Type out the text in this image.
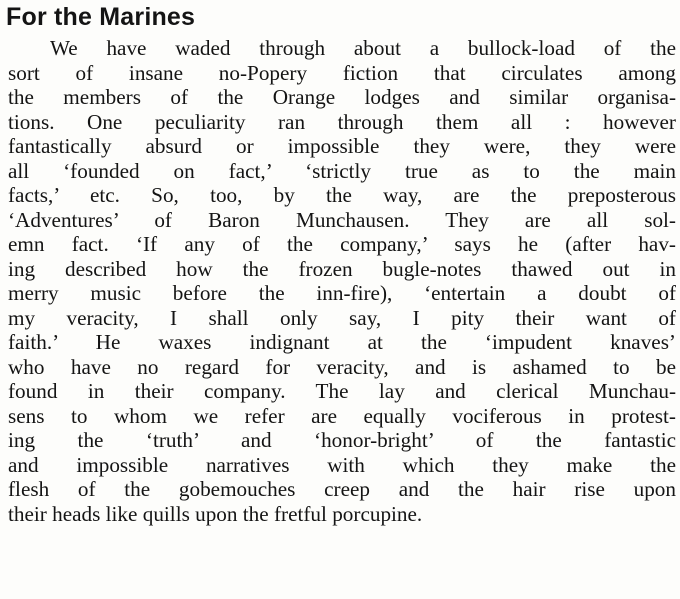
For the Marines
We have waded through about a bullock-load of the
sort of insane no-Popery fiction that circulates among
the members of the Orange lodges and similar organisa-
tions. One peculiarity ran through them all : however
fantastically absurd or impossible they were, they were
all ‘founded on fact,’ ‘strictly true as to the main
facts,’ etc. So, too, by the way, are the preposterous
‘Adventures’ of Baron Munchausen. They are all sol-
emn fact. ‘If any of the company,’ says he (after hav-
ing described how the frozen bugle-notes thawed out in
merry music before the inn-fire), ‘entertain a doubt of
my veracity, I shall only say, I pity their want of
faith.’ He waxes indignant at the ‘impudent knaves’
who have no regard for veracity, and is ashamed to be
found in their company. The lay and clerical Munchau-
sens to whom we refer are equally vociferous in protest-
ing the ‘truth’ and ‘honor-bright’ of the fantastic
and impossible narratives with which they make the
flesh of the gobemouches creep and the hair rise upon
their heads like quills upon the fretful porcupine.
